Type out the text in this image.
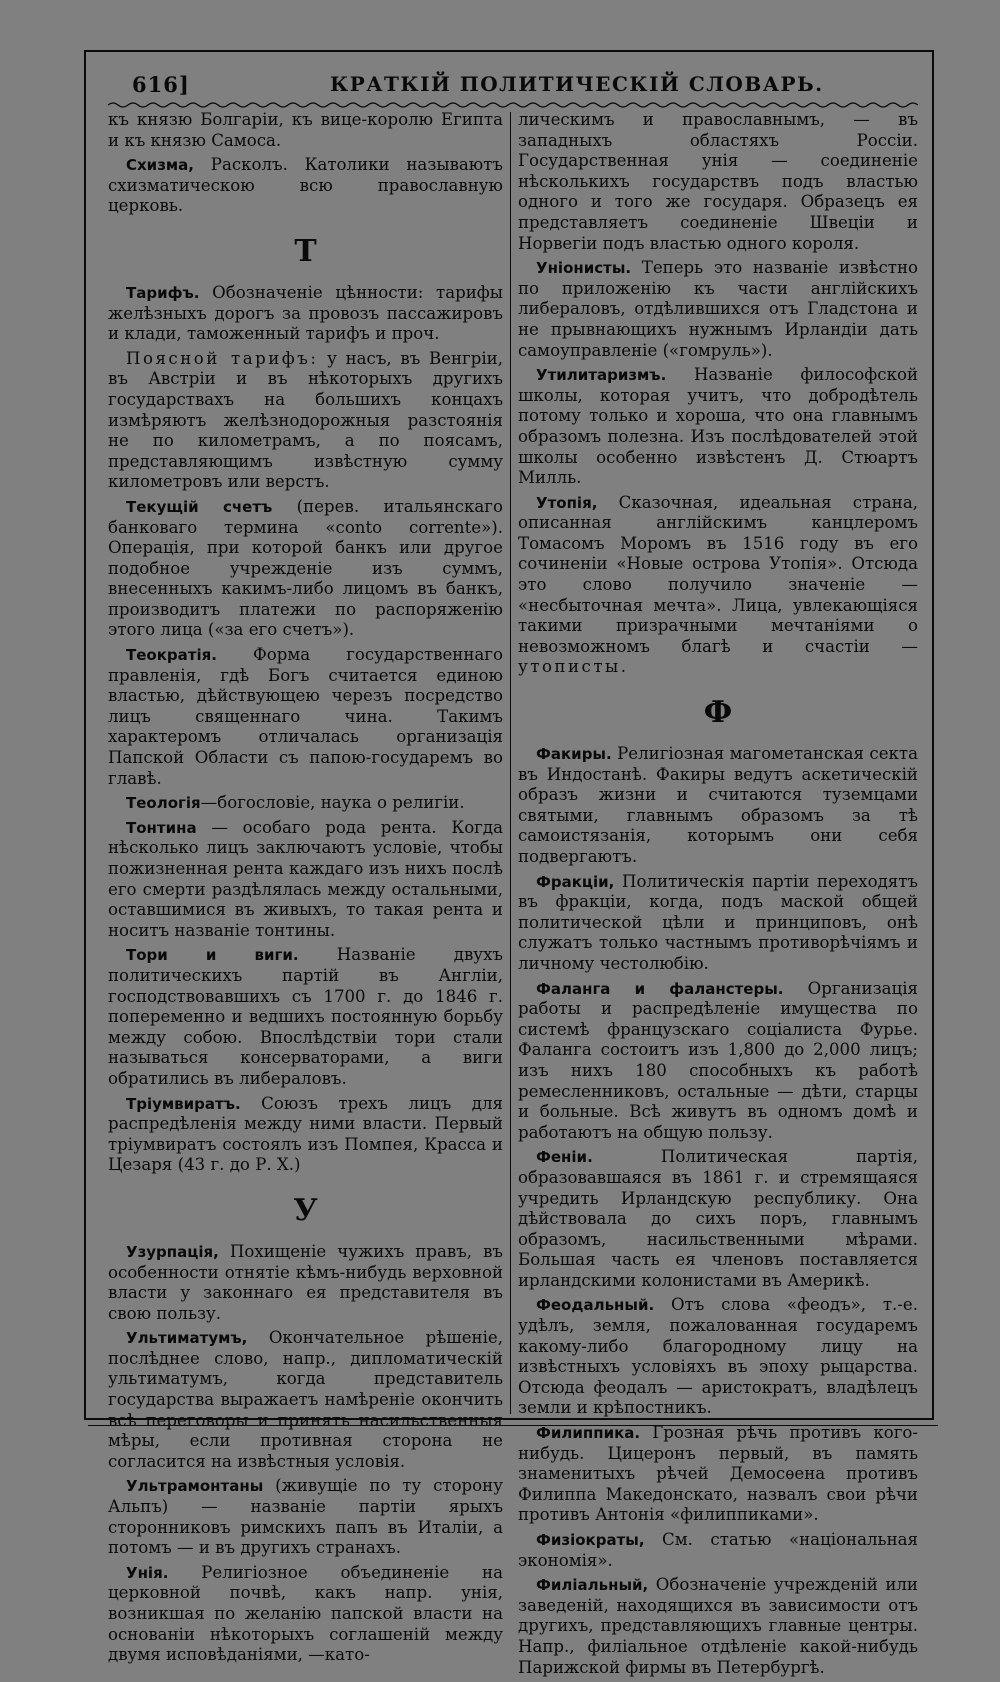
616]	КРАТКІЙ ПОЛИТИЧЕСКІЙ СЛОВАРЬ.

къ князю Болгаріи, къ вице-королю Египта и къ князю Самоса.

Схизма, Расколъ. Католики называютъ схизматическою всю православную церковь.

Т

Тарифъ. Обозначеніе цѣнности: тарифы желѣзныхъ дорогъ за провозъ пассажировъ и клади, таможенный тарифъ и проч.

Поясной тарифъ: у насъ, въ Венгріи, въ Австріи и въ нѣкоторыхъ другихъ государствахъ на большихъ концахъ измѣряютъ желѣзнодорожныя разстоянія не по километрамъ, а по поясамъ, представляющимъ извѣстную сумму километровъ или верстъ.

Текущій счетъ (перев. итальянскаго банковаго термина «conto corrente»). Операція, при которой банкъ или другое подобное учрежденіе изъ суммъ, внесенныхъ какимъ-либо лицомъ въ банкъ, производитъ платежи по распоряженію этого лица («за его счетъ»).

Теократія. Форма государственнаго правленія, гдѣ Богъ считается единою властью, дѣйствующею черезъ посредство лицъ священнаго чина. Такимъ характеромъ отличалась организація Папской Области съ папою-государемъ во главѣ.

Теологія—богословіе, наука о религіи.

Тонтина — особаго рода рента. Когда нѣсколько лицъ заключаютъ условіе, чтобы пожизненная рента каждаго изъ нихъ послѣ его смерти раздѣлялась между остальными, оставшимися въ живыхъ, то такая рента и носитъ названіе тонтины.

Тори и виги. Названіе двухъ политическихъ партій въ Англіи, господствовавшихъ съ 1700 г. до 1846 г. попеременно и ведшихъ постоянную борьбу между собою. Впослѣдствіи тори стали называться консерваторами, а виги обратились въ либераловъ.

Тріумвиратъ. Союзъ трехъ лицъ для распредѣленія между ними власти. Первый тріумвиратъ состоялъ изъ Помпея, Красса и Цезаря (43 г. до Р. Х.)

У

Узурпація, Похищеніе чужихъ правъ, въ особенности отнятіе кѣмъ-нибудь верховной власти у законнаго ея представителя въ свою пользу.

Ультиматумъ, Окончательное рѣшеніе, послѣднее слово, напр., дипломатическій ультиматумъ, когда представитель государства выражаетъ намѣреніе окончить всѣ переговоры и принять насильственныя мѣры, если противная сторона не согласится на извѣстныя условія.

Ультрамонтаны (живущіе по ту сторону Альпъ) — названіе партіи ярыхъ сторонниковъ римскихъ папъ въ Италіи, а потомъ — и въ другихъ странахъ.

Унія. Религіозное объединеніе на церковной почвѣ, какъ напр. унія, возникшая по желанію папской власти на основаніи нѣкоторыхъ соглашеній между двумя исповѣданіями, —като-

лическимъ и православнымъ, — въ западныхъ областяхъ Россіи. Государственная унія — соединеніе нѣсколькихъ государствъ подъ властью одного и того же государя. Образецъ ея представляетъ соединеніе Швеціи и Норвегіи подъ властью одного короля.

Уніонисты. Теперь это названіе извѣстно по приложенію къ части англійскихъ либераловъ, отдѣлившихся отъ Гладстона и не прывнающихъ нужнымъ Ирландіи дать самоуправленіе («гомруль»).

Утилитаризмъ. Названіе философской школы, которая учитъ, что добродѣтель потому только и хороша, что она главнымъ образомъ полезна. Изъ послѣдователей этой школы особенно извѣстенъ Д. Стюартъ Милль.

Утопія, Сказочная, идеальная страна, описанная англійскимъ канцлеромъ Томасомъ Моромъ въ 1516 году въ его сочиненіи «Новые острова Утопія». Отсюда это слово получило значеніе — «несбыточная мечта». Лица, увлекающіяся такими призрачными мечтаніями о невозможномъ благѣ и счастіи — утописты.

Ф

Факиры. Религіозная магометанская секта въ Индостанѣ. Факиры ведутъ аскетическій образъ жизни и считаются туземцами святыми, главнымъ образомъ за тѣ самоистязанія, которымъ они себя подвергаютъ.

Фракціи, Политическія партіи переходятъ въ фракціи, когда, подъ маской общей политической цѣли и принциповъ, онѣ служатъ только частнымъ противорѣчіямъ и личному честолюбію.

Фаланга и фаланстеры. Организація работы и распредѣленіе имущества по системѣ французскаго соціалиста Фурье. Фаланга состоитъ изъ 1,800 до 2,000 лицъ; изъ нихъ 180 способныхъ къ работѣ ремесленниковъ, остальные — дѣти, старцы и больные. Всѣ живутъ въ одномъ домѣ и работаютъ на общую пользу.

Феніи. Политическая партія, образовавшаяся въ 1861 г. и стремящаяся учредить Ирландскую республику. Она дѣйствовала до сихъ поръ, главнымъ образомъ, насильственными мѣрами. Большая часть ея членовъ поставляется ирландскими колонистами въ Америкѣ.

Феодальный. Отъ слова «феодъ», т.-е. удѣлъ, земля, пожалованная государемъ какому-либо благородному лицу на извѣстныхъ условіяхъ въ эпоху рыцарства. Отсюда феодалъ — аристократъ, владѣлецъ земли и крѣпостникъ.

Филиппика. Грозная рѣчь противъ кого-нибудь. Цицеронъ первый, въ память знаменитыхъ рѣчей Демосѳена противъ Филиппа Македонскато, назвалъ свои рѣчи противъ Антонія «филиппиками».

Физіократы, См. статью «національная экономія».

Филіальный, Обозначеніе учрежденій или заведеній, находящихся въ зависимости отъ другихъ, представляющихъ главные центры. Напр., филіальное отдѣленіе какой-нибудь Парижской фирмы въ Петербургѣ.
